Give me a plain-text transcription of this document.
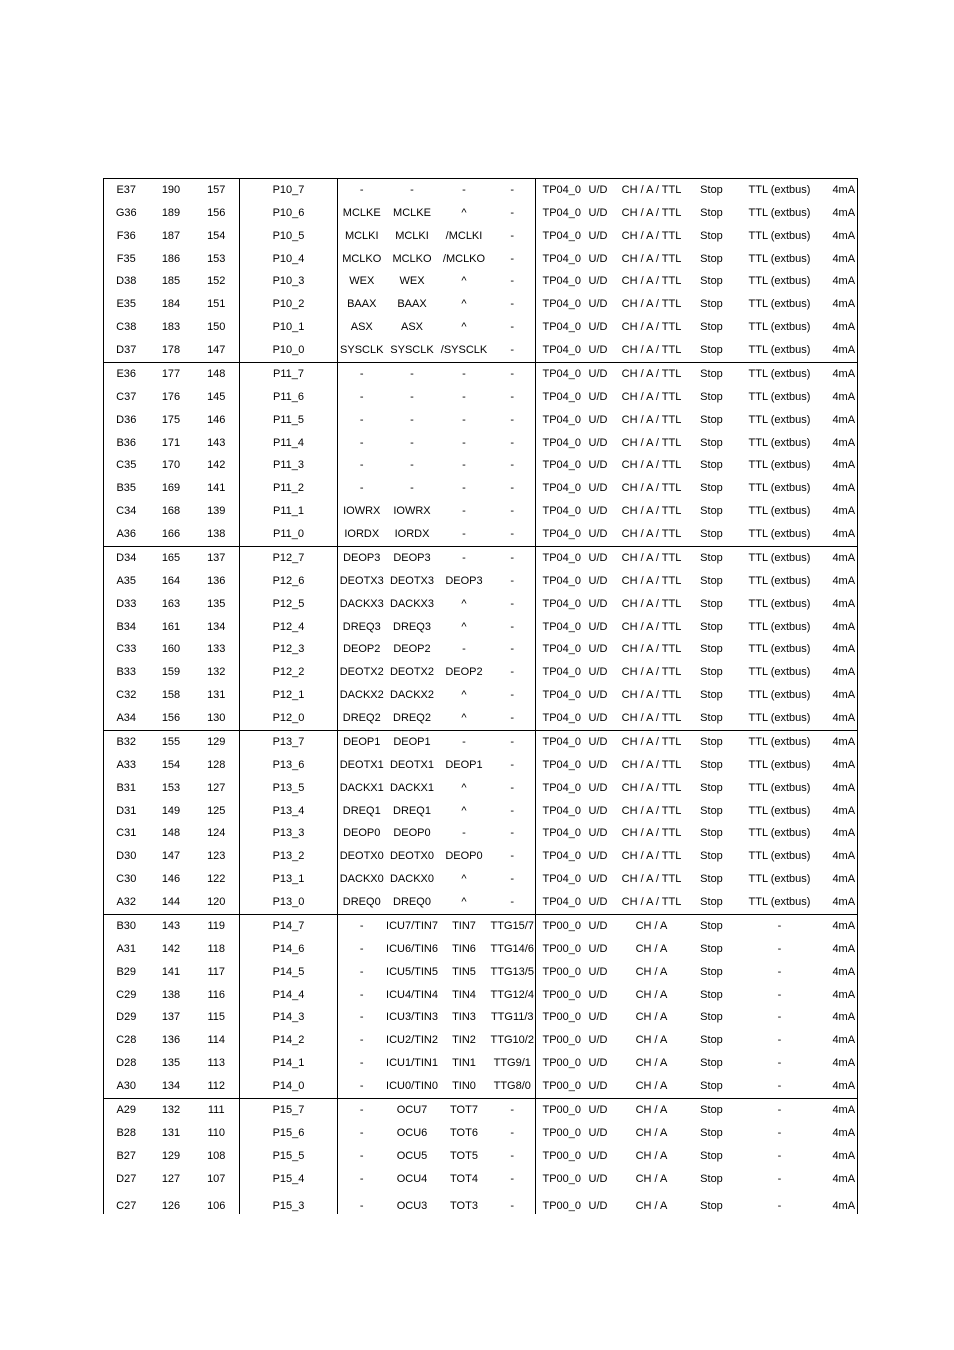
E37	190	157	P10_7	-	-	-	-	TP04_0	U/D	CH / A / TTL	Stop	TTL (extbus)	4mA
G36	189	156	P10_6	MCLKE	MCLKE	^	-	TP04_0	U/D	CH / A / TTL	Stop	TTL (extbus)	4mA
F36	187	154	P10_5	MCLKI	MCLKI	/MCLKI	-	TP04_0	U/D	CH / A / TTL	Stop	TTL (extbus)	4mA
F35	186	153	P10_4	MCLKO	MCLKO	/MCLKO	-	TP04_0	U/D	CH / A / TTL	Stop	TTL (extbus)	4mA
D38	185	152	P10_3	WEX	WEX	^	-	TP04_0	U/D	CH / A / TTL	Stop	TTL (extbus)	4mA
E35	184	151	P10_2	BAAX	BAAX	^	-	TP04_0	U/D	CH / A / TTL	Stop	TTL (extbus)	4mA
C38	183	150	P10_1	ASX	ASX	^	-	TP04_0	U/D	CH / A / TTL	Stop	TTL (extbus)	4mA
D37	178	147	P10_0	SYSCLK	SYSCLK	/SYSCLK	-	TP04_0	U/D	CH / A / TTL	Stop	TTL (extbus)	4mA
E36	177	148	P11_7	-	-	-	-	TP04_0	U/D	CH / A / TTL	Stop	TTL (extbus)	4mA
C37	176	145	P11_6	-	-	-	-	TP04_0	U/D	CH / A / TTL	Stop	TTL (extbus)	4mA
D36	175	146	P11_5	-	-	-	-	TP04_0	U/D	CH / A / TTL	Stop	TTL (extbus)	4mA
B36	171	143	P11_4	-	-	-	-	TP04_0	U/D	CH / A / TTL	Stop	TTL (extbus)	4mA
C35	170	142	P11_3	-	-	-	-	TP04_0	U/D	CH / A / TTL	Stop	TTL (extbus)	4mA
B35	169	141	P11_2	-	-	-	-	TP04_0	U/D	CH / A / TTL	Stop	TTL (extbus)	4mA
C34	168	139	P11_1	IOWRX	IOWRX	-	-	TP04_0	U/D	CH / A / TTL	Stop	TTL (extbus)	4mA
A36	166	138	P11_0	IORDX	IORDX	-	-	TP04_0	U/D	CH / A / TTL	Stop	TTL (extbus)	4mA
D34	165	137	P12_7	DEOP3	DEOP3	-	-	TP04_0	U/D	CH / A / TTL	Stop	TTL (extbus)	4mA
A35	164	136	P12_6	DEOTX3	DEOTX3	DEOP3	-	TP04_0	U/D	CH / A / TTL	Stop	TTL (extbus)	4mA
D33	163	135	P12_5	DACKX3	DACKX3	^	-	TP04_0	U/D	CH / A / TTL	Stop	TTL (extbus)	4mA
B34	161	134	P12_4	DREQ3	DREQ3	^	-	TP04_0	U/D	CH / A / TTL	Stop	TTL (extbus)	4mA
C33	160	133	P12_3	DEOP2	DEOP2	-	-	TP04_0	U/D	CH / A / TTL	Stop	TTL (extbus)	4mA
B33	159	132	P12_2	DEOTX2	DEOTX2	DEOP2	-	TP04_0	U/D	CH / A / TTL	Stop	TTL (extbus)	4mA
C32	158	131	P12_1	DACKX2	DACKX2	^	-	TP04_0	U/D	CH / A / TTL	Stop	TTL (extbus)	4mA
A34	156	130	P12_0	DREQ2	DREQ2	^	-	TP04_0	U/D	CH / A / TTL	Stop	TTL (extbus)	4mA
B32	155	129	P13_7	DEOP1	DEOP1	-	-	TP04_0	U/D	CH / A / TTL	Stop	TTL (extbus)	4mA
A33	154	128	P13_6	DEOTX1	DEOTX1	DEOP1	-	TP04_0	U/D	CH / A / TTL	Stop	TTL (extbus)	4mA
B31	153	127	P13_5	DACKX1	DACKX1	^	-	TP04_0	U/D	CH / A / TTL	Stop	TTL (extbus)	4mA
D31	149	125	P13_4	DREQ1	DREQ1	^	-	TP04_0	U/D	CH / A / TTL	Stop	TTL (extbus)	4mA
C31	148	124	P13_3	DEOP0	DEOP0	-	-	TP04_0	U/D	CH / A / TTL	Stop	TTL (extbus)	4mA
D30	147	123	P13_2	DEOTX0	DEOTX0	DEOP0	-	TP04_0	U/D	CH / A / TTL	Stop	TTL (extbus)	4mA
C30	146	122	P13_1	DACKX0	DACKX0	^	-	TP04_0	U/D	CH / A / TTL	Stop	TTL (extbus)	4mA
A32	144	120	P13_0	DREQ0	DREQ0	^	-	TP04_0	U/D	CH / A / TTL	Stop	TTL (extbus)	4mA
B30	143	119	P14_7	-	ICU7/TIN7	TIN7	TTG15/7	TP00_0	U/D	CH / A	Stop	-	4mA
A31	142	118	P14_6	-	ICU6/TIN6	TIN6	TTG14/6	TP00_0	U/D	CH / A	Stop	-	4mA
B29	141	117	P14_5	-	ICU5/TIN5	TIN5	TTG13/5	TP00_0	U/D	CH / A	Stop	-	4mA
C29	138	116	P14_4	-	ICU4/TIN4	TIN4	TTG12/4	TP00_0	U/D	CH / A	Stop	-	4mA
D29	137	115	P14_3	-	ICU3/TIN3	TIN3	TTG11/3	TP00_0	U/D	CH / A	Stop	-	4mA
C28	136	114	P14_2	-	ICU2/TIN2	TIN2	TTG10/2	TP00_0	U/D	CH / A	Stop	-	4mA
D28	135	113	P14_1	-	ICU1/TIN1	TIN1	TTG9/1	TP00_0	U/D	CH / A	Stop	-	4mA
A30	134	112	P14_0	-	ICU0/TIN0	TIN0	TTG8/0	TP00_0	U/D	CH / A	Stop	-	4mA
A29	132	111	P15_7	-	OCU7	TOT7	-	TP00_0	U/D	CH / A	Stop	-	4mA
B28	131	110	P15_6	-	OCU6	TOT6	-	TP00_0	U/D	CH / A	Stop	-	4mA
B27	129	108	P15_5	-	OCU5	TOT5	-	TP00_0	U/D	CH / A	Stop	-	4mA
D27	127	107	P15_4	-	OCU4	TOT4	-	TP00_0	U/D	CH / A	Stop	-	4mA
C27	126	106	P15_3	-	OCU3	TOT3	-	TP00_0	U/D	CH / A	Stop	-	4mA
